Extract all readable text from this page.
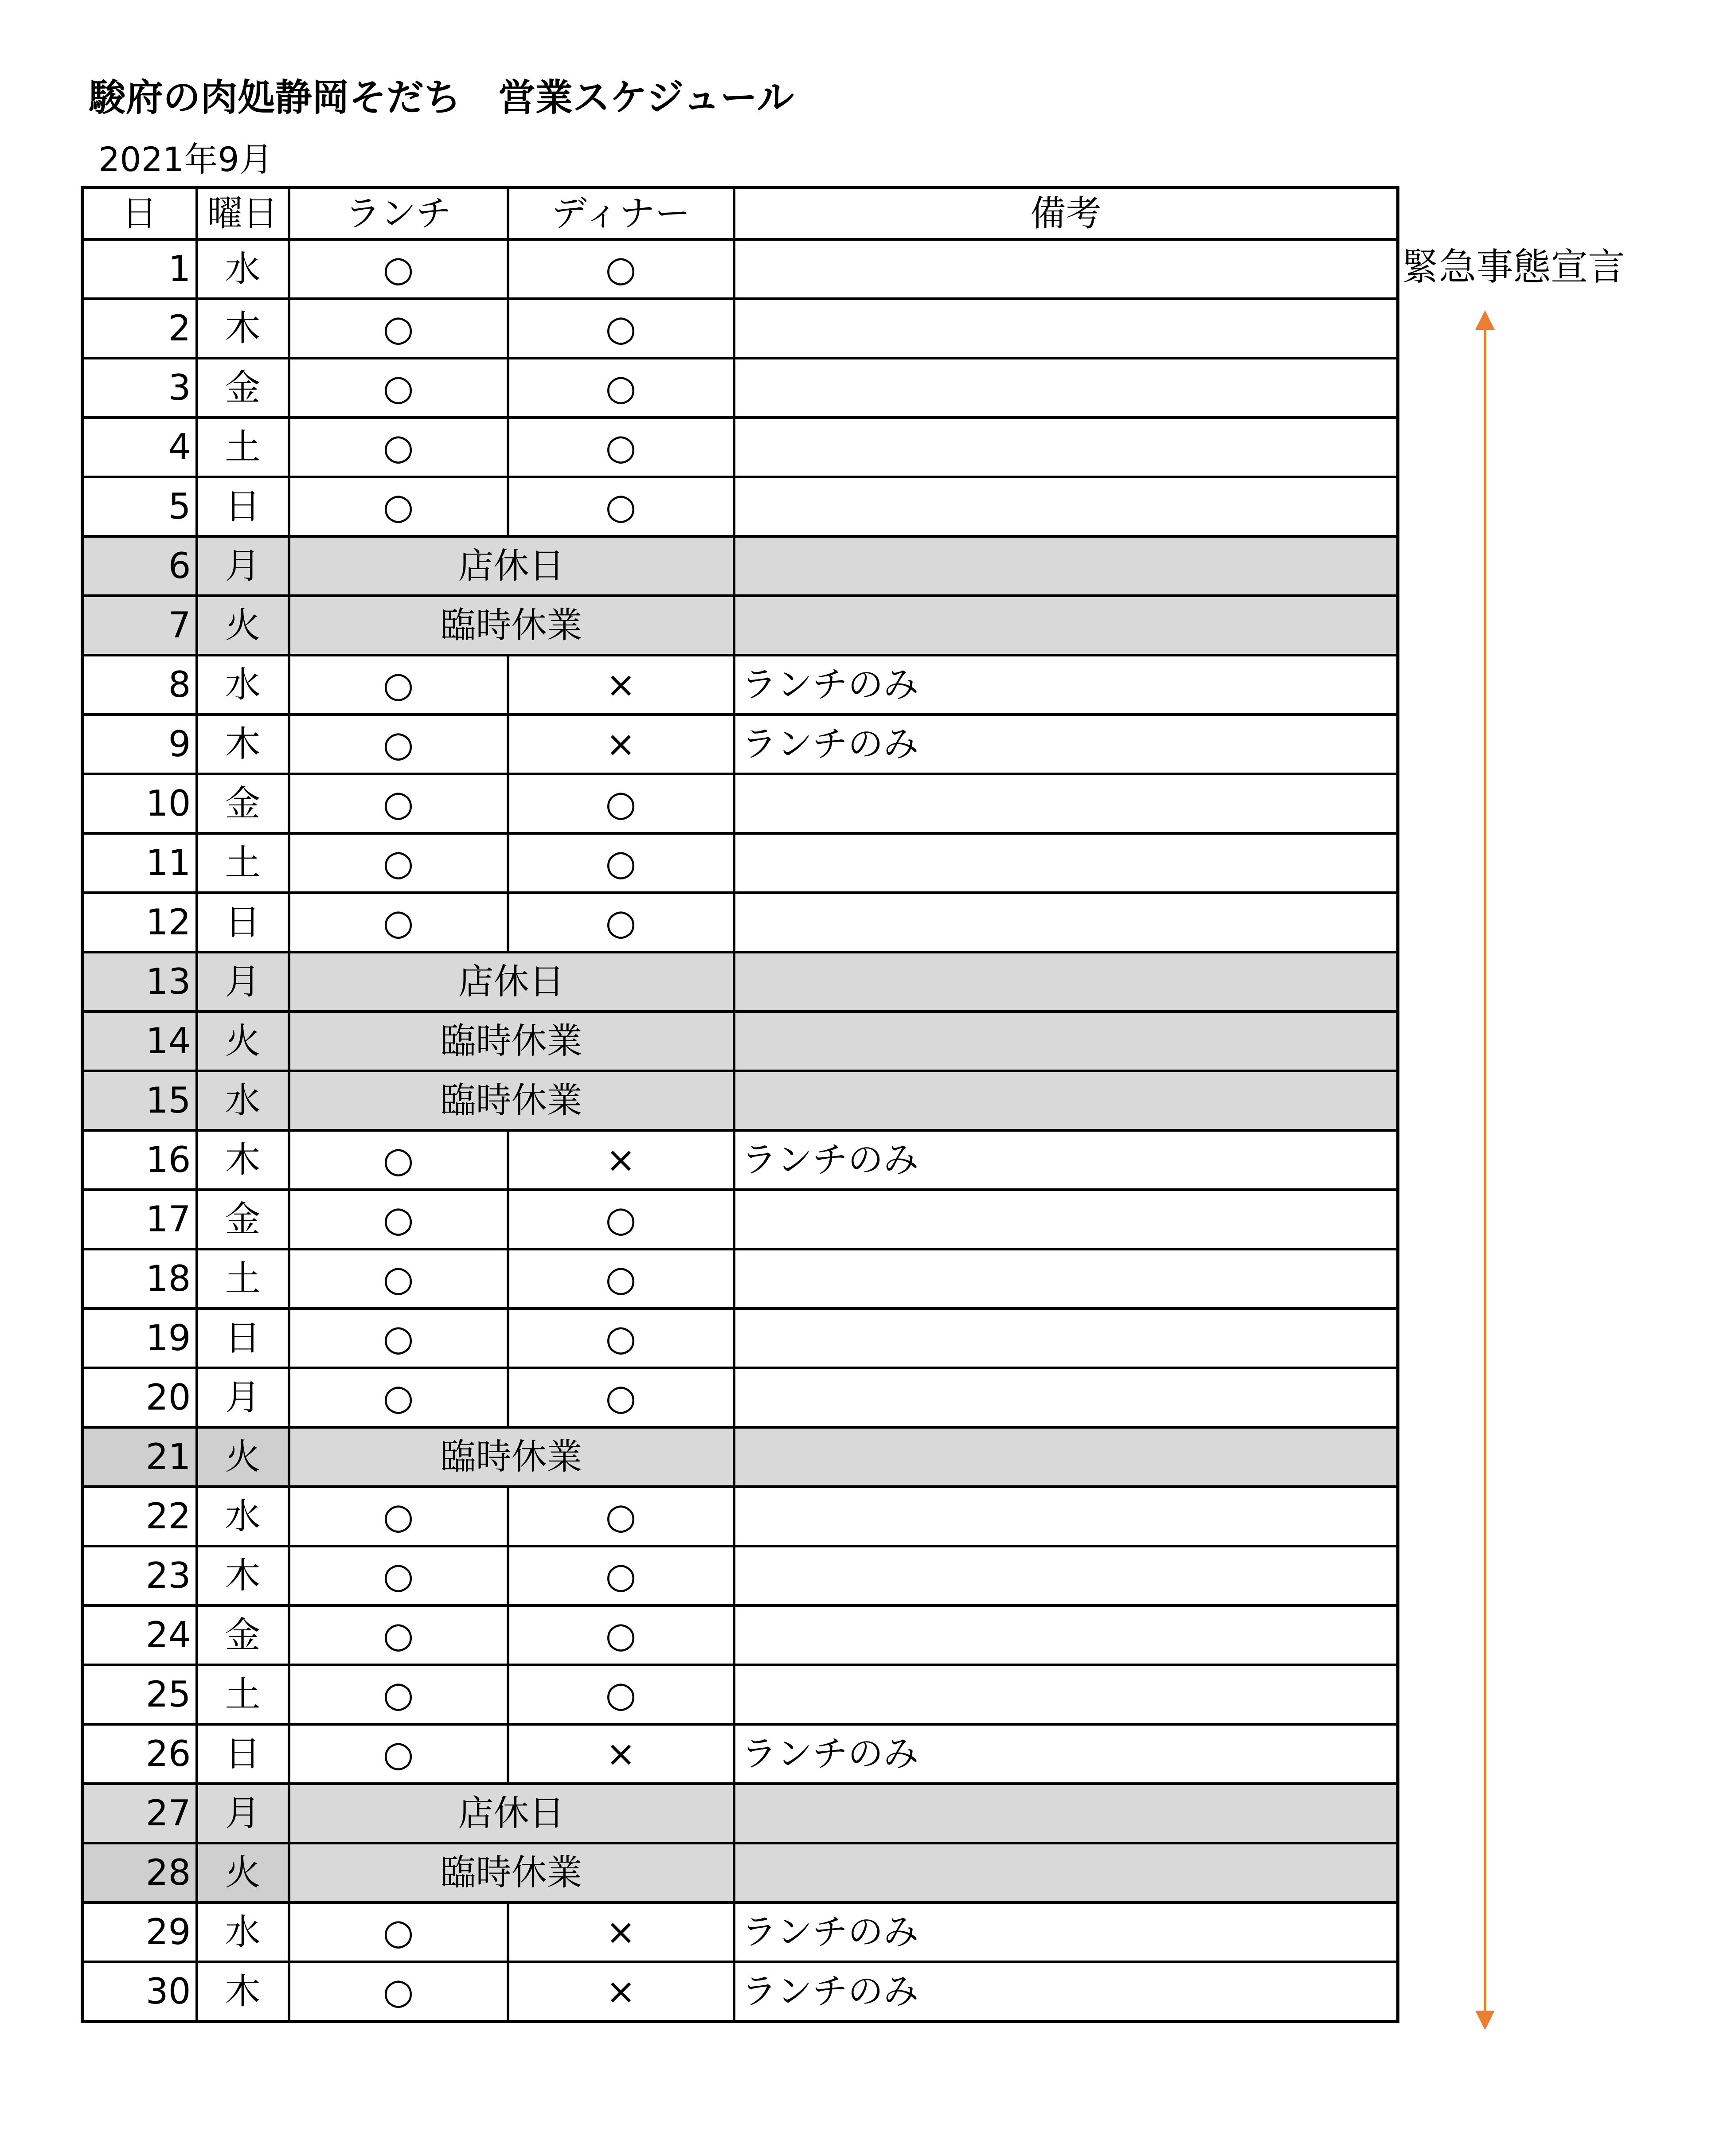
駿府の肉処静岡そだち　営業スケジュール
2021年9月
日	曜日	ランチ	ディナー	備考
1	水	○	○	
2	木	○	○	
3	金	○	○	
4	土	○	○	
5	日	○	○	
6	月	店休日		
7	火	臨時休業		
8	水	○	×	ランチのみ
9	木	○	×	ランチのみ
10	金	○	○	
11	土	○	○	
12	日	○	○	
13	月	店休日		
14	火	臨時休業		
15	水	臨時休業		
16	木	○	×	ランチのみ
17	金	○	○	
18	土	○	○	
19	日	○	○	
20	月	○	○	
21	火	臨時休業		
22	水	○	○	
23	木	○	○	
24	金	○	○	
25	土	○	○	
26	日	○	×	ランチのみ
27	月	店休日		
28	火	臨時休業		
29	水	○	×	ランチのみ
30	木	○	×	ランチのみ
緊急事態宣言
